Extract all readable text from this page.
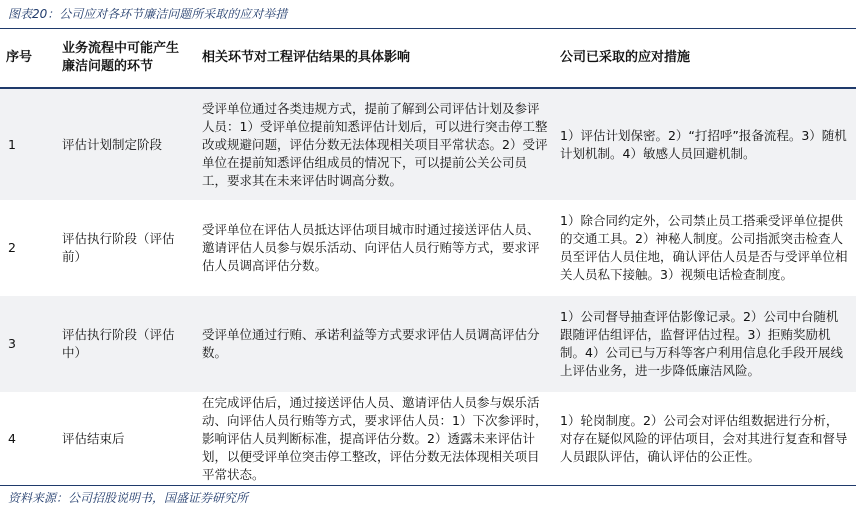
图表20：公司应对各环节廉洁问题所采取的应对举措
序号	业务流程中可能产生廉洁问题的环节	相关环节对工程评估结果的具体影响	公司已采取的应对措施
1	评估计划制定阶段	受评单位通过各类违规方式，提前了解到公司评估计划及参评人员：1）受评单位提前知悉评估计划后，可以进行突击停工整改或规避问题，评估分数无法体现相关项目平常状态。2）受评单位在提前知悉评估组成员的情况下，可以提前公关公司员工，要求其在未来评估时调高分数。	1）评估计划保密。2）“打招呼”报备流程。3）随机计划机制。4）敏感人员回避机制。
2	评估执行阶段（评估前）	受评单位在评估人员抵达评估项目城市时通过接送评估人员、邀请评估人员参与娱乐活动、向评估人员行贿等方式，要求评估人员调高评估分数。	1）除合同约定外，公司禁止员工搭乘受评单位提供的交通工具。2）神秘人制度。公司指派突击检查人员至评估人员住地，确认评估人员是否与受评单位相关人员私下接触。3）视频电话检查制度。
3	评估执行阶段（评估中）	受评单位通过行贿、承诺利益等方式要求评估人员调高评估分数。	1）公司督导抽查评估影像记录。2）公司中台随机跟随评估组评估，监督评估过程。3）拒贿奖励机制。4）公司已与万科等客户利用信息化手段开展线上评估业务，进一步降低廉洁风险。
4	评估结束后	在完成评估后，通过接送评估人员、邀请评估人员参与娱乐活动、向评估人员行贿等方式，要求评估人员：1）下次参评时，影响评估人员判断标准，提高评估分数。2）透露未来评估计划，以便受评单位突击停工整改，评估分数无法体现相关项目平常状态。	1）轮岗制度。2）公司会对评估组数据进行分析，对存在疑似风险的评估项目，会对其进行复查和督导人员跟队评估，确认评估的公正性。
资料来源：公司招股说明书，国盛证券研究所
